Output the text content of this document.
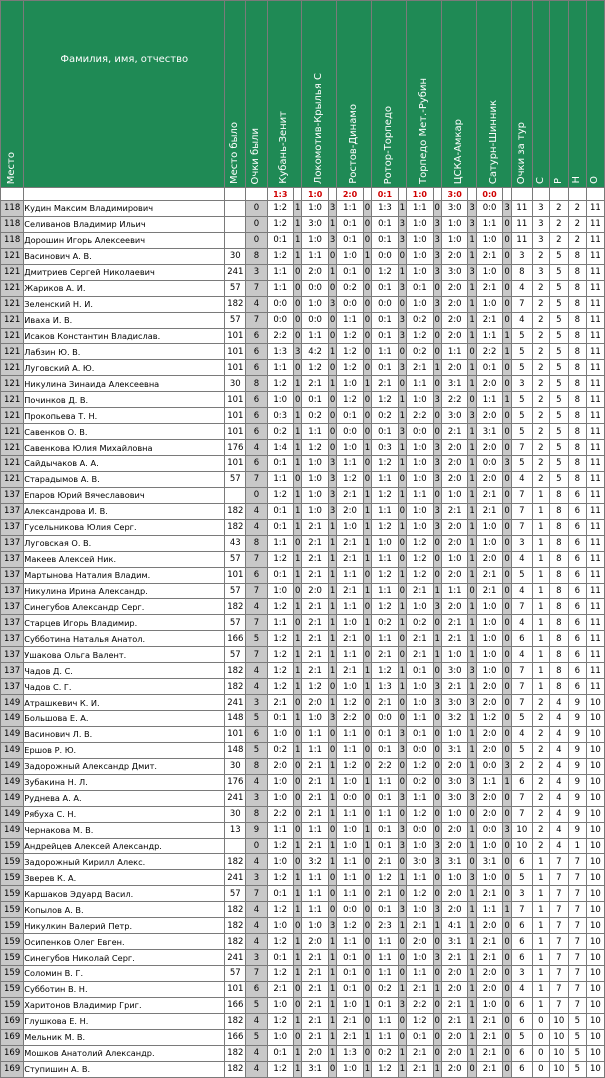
Место	Фамилия, имя, отчество	Место было	Очки были	Кубань-Зенит		Локомотив-Крылья С		Ростов-Динамо		Ротор-Торпедо		Торпедо Мет.-Рубин		ЦСКА-Амкар		Сатурн-Шинник		Очки за тур	С	Р	Н	О
				1:3		1:0		2:0		0:1		1:0		3:0		0:0						
118	Кудин Максим Владимирович		0	1:2	1	1:0	3	1:1	0	1:3	1	1:1	0	3:0	3	0:0	3	11	3	2	2	11
118	Селиванов Владимир Ильич		0	1:2	1	3:0	1	0:1	0	0:1	3	1:0	3	1:0	3	1:1	0	11	3	2	2	11
118	Дорошин Игорь Алексеевич		0	0:1	1	1:0	3	0:1	0	0:1	3	1:0	3	1:0	1	1:0	0	11	3	2	2	11
121	Васинович А. В.	30	8	1:2	1	1:1	0	1:0	1	0:0	0	1:0	3	2:0	1	2:1	0	3	2	5	8	11
121	Дмитриев Сергей Николаевич	241	3	1:1	0	2:0	1	0:1	0	1:2	1	1:0	3	3:0	3	1:0	0	8	3	5	8	11
121	Жариков А. И.	57	7	1:1	0	0:0	0	0:2	0	0:1	3	0:1	0	2:0	1	2:1	0	4	2	5	8	11
121	Зеленский Н. И.	182	4	0:0	0	1:0	3	0:0	0	0:0	0	1:0	3	2:0	1	1:0	0	7	2	5	8	11
121	Иваха И. В.	57	7	0:0	0	0:0	0	1:1	0	0:1	3	0:2	0	2:0	1	2:1	0	4	2	5	8	11
121	Исаков Константин Владислав.	101	6	2:2	0	1:1	0	1:2	0	0:1	3	1:2	0	2:0	1	1:1	1	5	2	5	8	11
121	Лабзин Ю. В.	101	6	1:3	3	4:2	1	1:2	0	1:1	0	0:2	0	1:1	0	2:2	1	5	2	5	8	11
121	Луговский А. Ю.	101	6	1:1	0	1:2	0	1:2	0	0:1	3	2:1	1	2:0	1	0:1	0	5	2	5	8	11
121	Никулина Зинаида Алексеевна	30	8	1:2	1	2:1	1	1:0	1	2:1	0	1:1	0	3:1	1	2:0	0	3	2	5	8	11
121	Починков Д. В.	101	6	1:0	0	0:1	0	1:2	0	1:2	1	1:0	3	2:2	0	1:1	1	5	2	5	8	11
121	Прокопьева Т. Н.	101	6	0:3	1	0:2	0	0:1	0	0:2	1	2:2	0	3:0	3	2:0	0	5	2	5	8	11
121	Савенков О. В.	101	6	0:2	1	1:1	0	0:0	0	0:1	3	0:0	0	2:1	1	3:1	0	5	2	5	8	11
121	Савенкова Юлия Михайловна	176	4	1:4	1	1:2	0	1:0	1	0:3	1	1:0	3	2:0	1	2:0	0	7	2	5	8	11
121	Сайдычаков А. А.	101	6	0:1	1	1:0	3	1:1	0	1:2	1	1:0	3	2:0	1	0:0	3	5	2	5	8	11
121	Старадымов А. В.	57	7	1:1	0	1:0	3	1:2	0	1:1	0	1:0	3	2:0	1	2:0	0	4	2	5	8	11
137	Епаров Юрий Вячеславович		0	1:2	1	1:0	3	2:1	1	1:2	1	1:1	0	1:0	1	2:1	0	7	1	8	6	11
137	Александрова И. В.	182	4	0:1	1	1:0	3	2:0	1	1:1	0	1:0	3	2:1	1	2:1	0	7	1	8	6	11
137	Гусельникова Юлия Серг.	182	4	0:1	1	2:1	1	1:0	1	1:2	1	1:0	3	2:0	1	1:0	0	7	1	8	6	11
137	Луговская О. В.	43	8	1:1	0	2:1	1	2:1	1	1:0	0	1:2	0	2:0	1	1:0	0	3	1	8	6	11
137	Макеев Алексей Ник.	57	7	1:2	1	2:1	1	2:1	1	1:1	0	1:2	0	1:0	1	2:0	0	4	1	8	6	11
137	Мартынова Наталия Владим.	101	6	0:1	1	2:1	1	1:1	0	1:2	1	1:2	0	2:0	1	2:1	0	5	1	8	6	11
137	Никулина Ирина Александр.	57	7	1:0	0	2:0	1	2:1	1	1:1	0	2:1	1	1:1	0	2:1	0	4	1	8	6	11
137	Синегубов Александр Серг.	182	4	1:2	1	2:1	1	1:1	0	1:2	1	1:0	3	2:0	1	1:0	0	7	1	8	6	11
137	Старцев Игорь Владимир.	57	7	1:1	0	2:1	1	1:0	1	0:2	1	0:2	0	2:1	1	1:0	0	4	1	8	6	11
137	Субботина Наталья Анатол.	166	5	1:2	1	2:1	1	2:1	0	1:1	0	2:1	1	2:1	1	1:0	0	6	1	8	6	11
137	Ушакова Ольга Валент.	57	7	1:2	1	2:1	1	1:1	0	2:1	0	2:1	1	1:0	1	1:0	0	4	1	8	6	11
137	Чадов Д. С.	182	4	1:2	1	2:1	1	2:1	1	1:2	1	0:1	0	3:0	3	1:0	0	7	1	8	6	11
137	Чадов С. Г.	182	4	1:2	1	1:2	0	1:0	1	1:3	1	1:0	3	2:1	1	2:0	0	7	1	8	6	11
149	Атрашкевич К. И.	241	3	2:1	0	2:0	1	1:2	0	2:1	0	1:0	3	3:0	3	2:0	0	7	2	4	9	10
149	Большова Е. А.	148	5	0:1	1	1:0	3	2:2	0	0:0	0	1:1	0	3:2	1	1:2	0	5	2	4	9	10
149	Васинович Л. В.	101	6	1:0	0	1:1	0	1:1	0	0:1	3	0:1	0	1:0	1	2:0	0	4	2	4	9	10
149	Ершов Р. Ю.	148	5	0:2	1	1:1	0	1:1	0	0:1	3	0:0	0	3:1	1	2:0	0	5	2	4	9	10
149	Задорожный Александр Дмит.	30	8	2:0	0	2:1	1	1:2	0	2:2	0	1:2	0	2:0	1	0:0	3	2	2	4	9	10
149	Зубакина Н. Л.	176	4	1:0	0	2:1	1	1:0	1	1:1	0	0:2	0	3:0	3	1:1	1	6	2	4	9	10
149	Руднева А. А.	241	3	1:0	0	2:1	1	0:0	0	0:1	3	1:1	0	3:0	3	2:0	0	7	2	4	9	10
149	Рябуха С. Н.	30	8	2:2	0	2:1	1	1:1	0	1:1	0	1:2	0	1:0	0	2:0	0	7	2	4	9	10
149	Чернакова М. В.	13	9	1:1	0	1:1	0	1:0	1	0:1	3	0:0	0	2:0	1	0:0	3	10	2	4	9	10
159	Андрейцев Алексей Александр.		0	1:2	1	2:1	1	1:0	1	0:1	3	1:0	3	2:0	1	1:0	0	10	2	4	1	10
159	Задорожный Кирилл Алекс.	182	4	1:0	0	3:2	1	1:1	0	2:1	0	3:0	3	3:1	0	3:1	0	6	1	7	7	10
159	Зверев К. А.	241	3	1:2	1	1:1	0	1:1	0	1:2	1	1:1	0	1:0	3	1:0	0	5	1	7	7	10
159	Каршаков Эдуард Васил.	57	7	0:1	1	1:1	0	1:1	0	2:1	0	1:2	0	2:0	1	2:1	0	3	1	7	7	10
159	Копылов А. В.	182	4	1:2	1	1:1	0	0:0	0	0:1	3	1:0	3	2:0	1	1:1	1	7	1	7	7	10
159	Никулкин Валерий Петр.	182	4	1:0	0	1:0	3	1:2	0	2:3	1	2:1	1	4:1	1	2:0	0	6	1	7	7	10
159	Осипенков Олег Евген.	182	4	1:2	1	2:0	1	1:1	0	1:1	0	2:0	0	3:1	1	2:1	0	6	1	7	7	10
159	Синегубов Николай Серг.	241	3	0:1	1	2:1	1	0:1	0	1:1	0	1:0	3	2:1	1	2:1	0	6	1	7	7	10
159	Соломин В. Г.	57	7	1:2	1	2:1	1	0:1	0	1:1	0	1:1	0	2:0	1	2:0	0	3	1	7	7	10
159	Субботин В. Н.	101	6	2:1	0	2:1	1	0:1	0	0:2	1	2:1	1	2:0	1	2:0	0	4	1	7	7	10
159	Харитонов Владимир Григ.	166	5	1:0	0	2:1	1	1:0	1	0:1	3	2:2	0	2:1	1	1:0	0	6	1	7	7	10
169	Глушкова Е. Н.	182	4	1:2	1	2:1	1	2:1	0	1:1	0	1:2	0	2:1	1	2:1	0	6	0	10	5	10
169	Мельник М. В.	166	5	1:0	0	2:1	1	2:1	1	1:1	0	0:1	0	2:0	1	2:1	0	5	0	10	5	10
169	Мошков Анатолий Александр.	182	4	0:1	1	2:0	1	1:3	0	0:2	1	2:1	0	2:0	1	2:1	0	6	0	10	5	10
169	Ступишин А. В.	182	4	1:2	1	3:1	0	1:0	1	1:2	1	2:1	1	2:0	0	2:1	0	6	0	10	5	10
